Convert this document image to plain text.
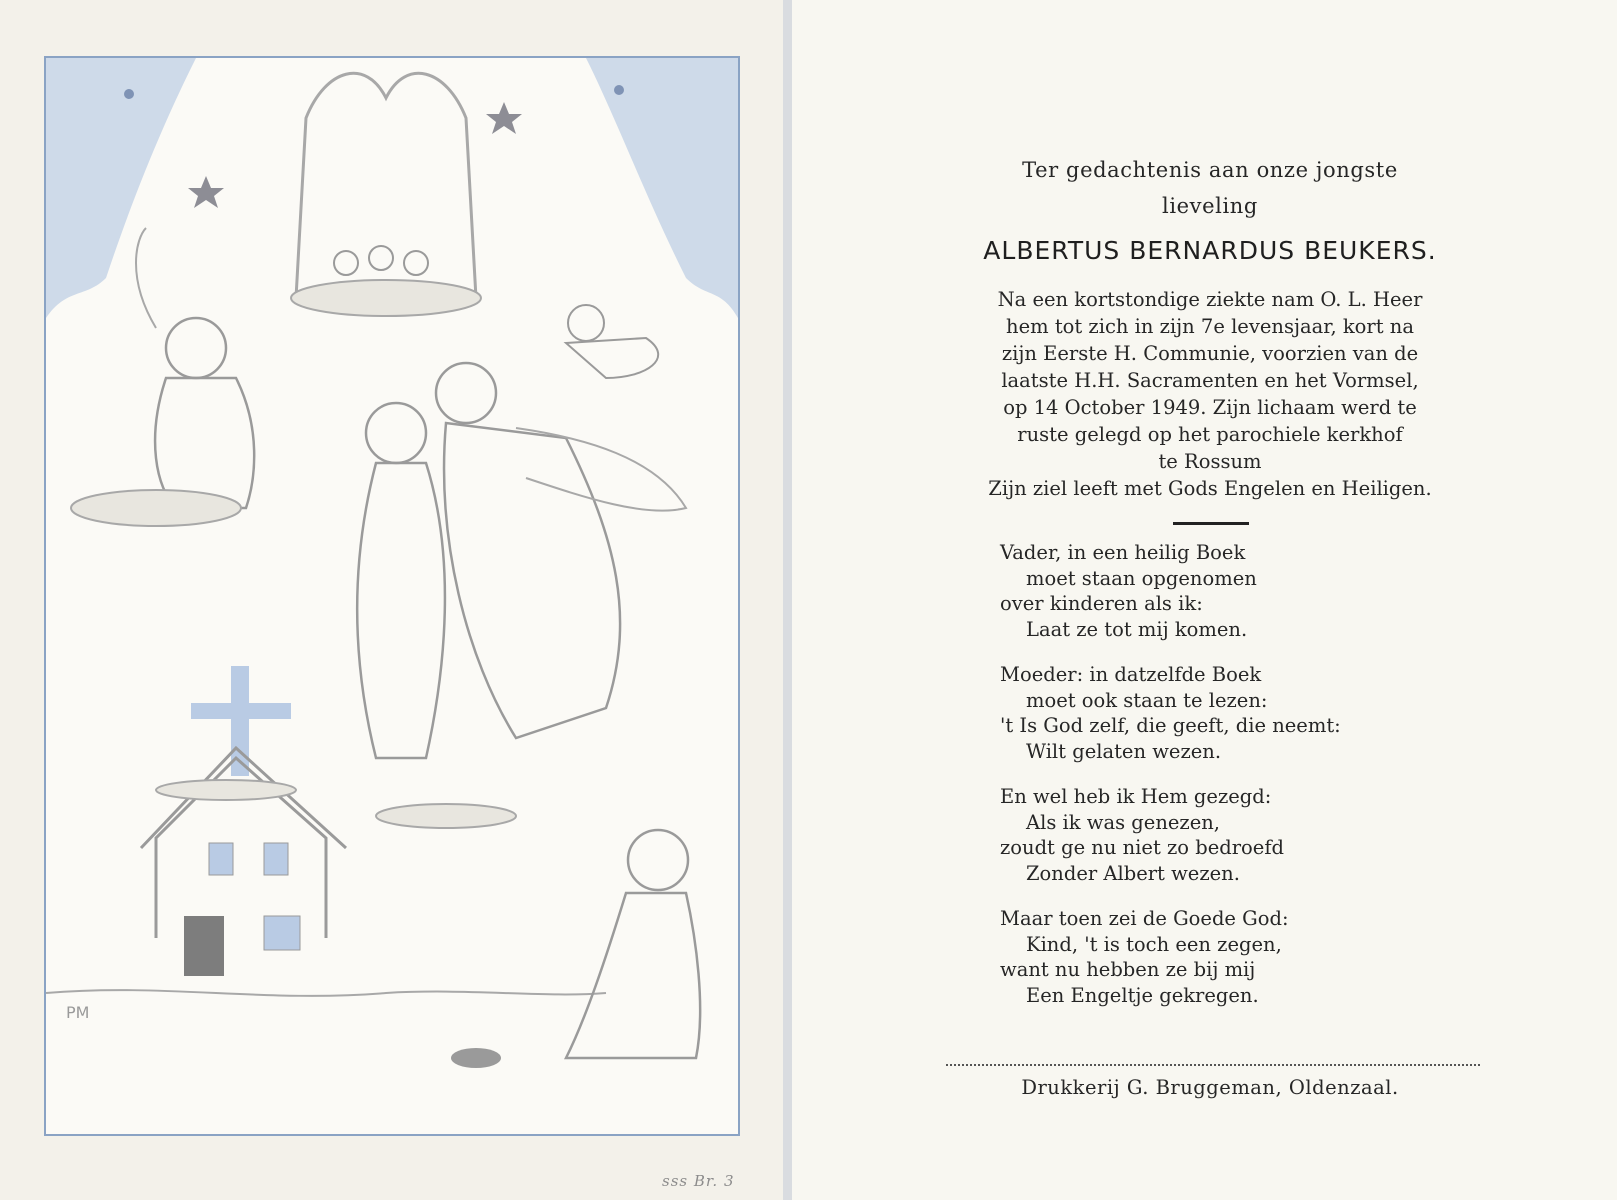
PM
sss Br. 3
Ter gedachtenis aan onze jongste
lieveling
ALBERTUS BERNARDUS BEUKERS.
Na een kortstondige ziekte nam O. L. Heer
hem tot zich in zijn 7e levensjaar, kort na
zijn Eerste H. Communie, voorzien van de
laatste H.H. Sacramenten en het Vormsel,
op 14 October 1949. Zijn lichaam werd te
ruste gelegd op het parochiele kerkhof
te Rossum
Zijn ziel leeft met Gods Engelen en Heiligen.
Vader, in een heilig Boek
moet staan opgenomen
over kinderen als ik:
Laat ze tot mij komen.
Moeder: in datzelfde Boek
moet ook staan te lezen:
't Is God zelf, die geeft, die neemt:
Wilt gelaten wezen.
En wel heb ik Hem gezegd:
Als ik was genezen,
zoudt ge nu niet zo bedroefd
Zonder Albert wezen.
Maar toen zei de Goede God:
Kind, 't is toch een zegen,
want nu hebben ze bij mij
Een Engeltje gekregen.
Drukkerij G. Bruggeman, Oldenzaal.
